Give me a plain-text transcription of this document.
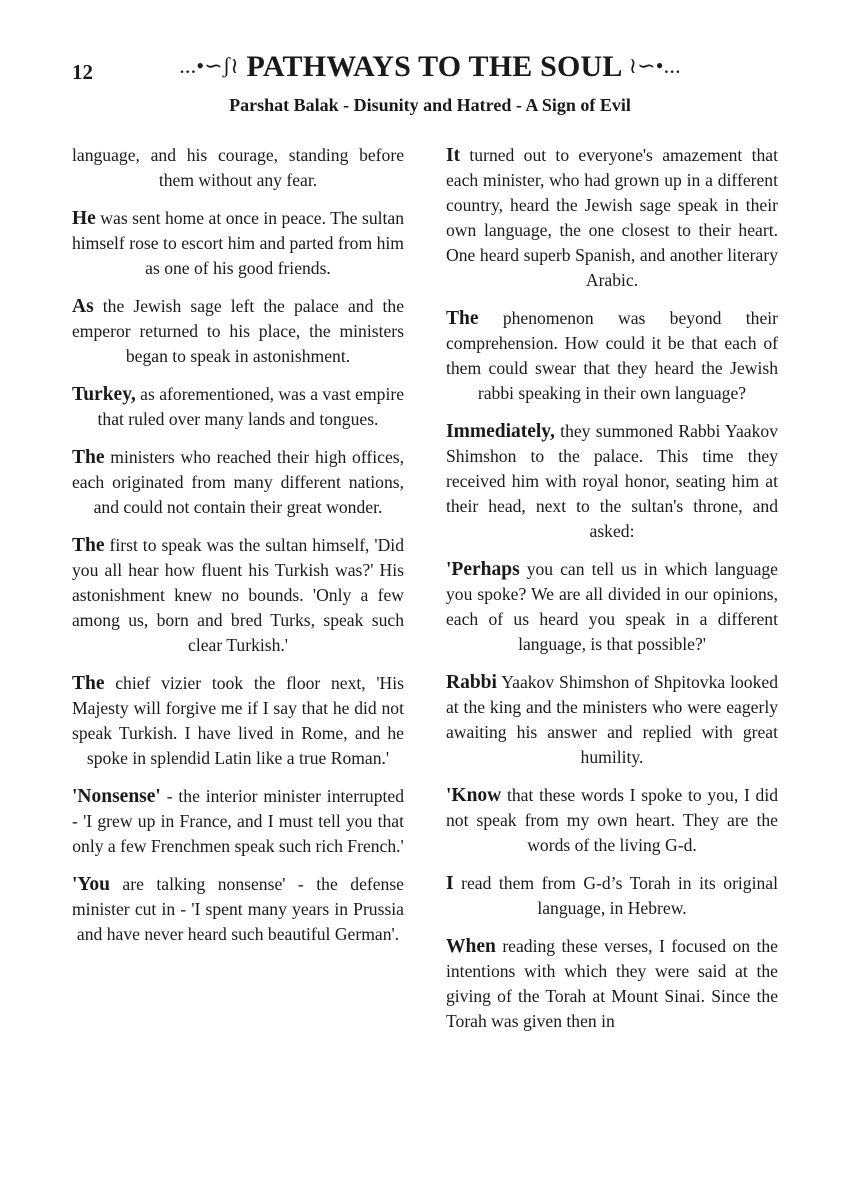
12	...•∽ʃ≀ PATHWAYS TO THE SOUL ≀∽•...
Parshat Balak - Disunity and Hatred - A Sign of Evil

language, and his courage, standing before them without any fear.

He was sent home at once in peace. The sultan himself rose to escort him and parted from him as one of his good friends.

As the Jewish sage left the palace and the emperor returned to his place, the ministers began to speak in astonishment.

Turkey, as aforementioned, was a vast empire that ruled over many lands and tongues.

The ministers who reached their high offices, each originated from many different nations, and could not contain their great wonder.

The first to speak was the sultan himself, 'Did you all hear how fluent his Turkish was?' His astonishment knew no bounds. 'Only a few among us, born and bred Turks, speak such clear Turkish.'

The chief vizier took the floor next, 'His Majesty will forgive me if I say that he did not speak Turkish. I have lived in Rome, and he spoke in splendid Latin like a true Roman.'

'Nonsense' - the interior minister interrupted - 'I grew up in France, and I must tell you that only a few Frenchmen speak such rich French.'

'You are talking nonsense' - the defense minister cut in - 'I spent many years in Prussia and have never heard such beautiful German'.

It turned out to everyone's amazement that each minister, who had grown up in a different country, heard the Jewish sage speak in their own language, the one closest to their heart. One heard superb Spanish, and another literary Arabic.

The phenomenon was beyond their comprehension. How could it be that each of them could swear that they heard the Jewish rabbi speaking in their own language?

Immediately, they summoned Rabbi Yaakov Shimshon to the palace. This time they received him with royal honor, seating him at their head, next to the sultan's throne, and asked:

'Perhaps you can tell us in which language you spoke? We are all divided in our opinions, each of us heard you speak in a different language, is that possible?'

Rabbi Yaakov Shimshon of Shpitovka looked at the king and the ministers who were eagerly awaiting his answer and replied with great humility.

'Know that these words I spoke to you, I did not speak from my own heart. They are the words of the living G-d.

I read them from G-d’s Torah in its original language, in Hebrew.

When reading these verses, I focused on the intentions with which they were said at the giving of the Torah at Mount Sinai. Since the Torah was given then in
